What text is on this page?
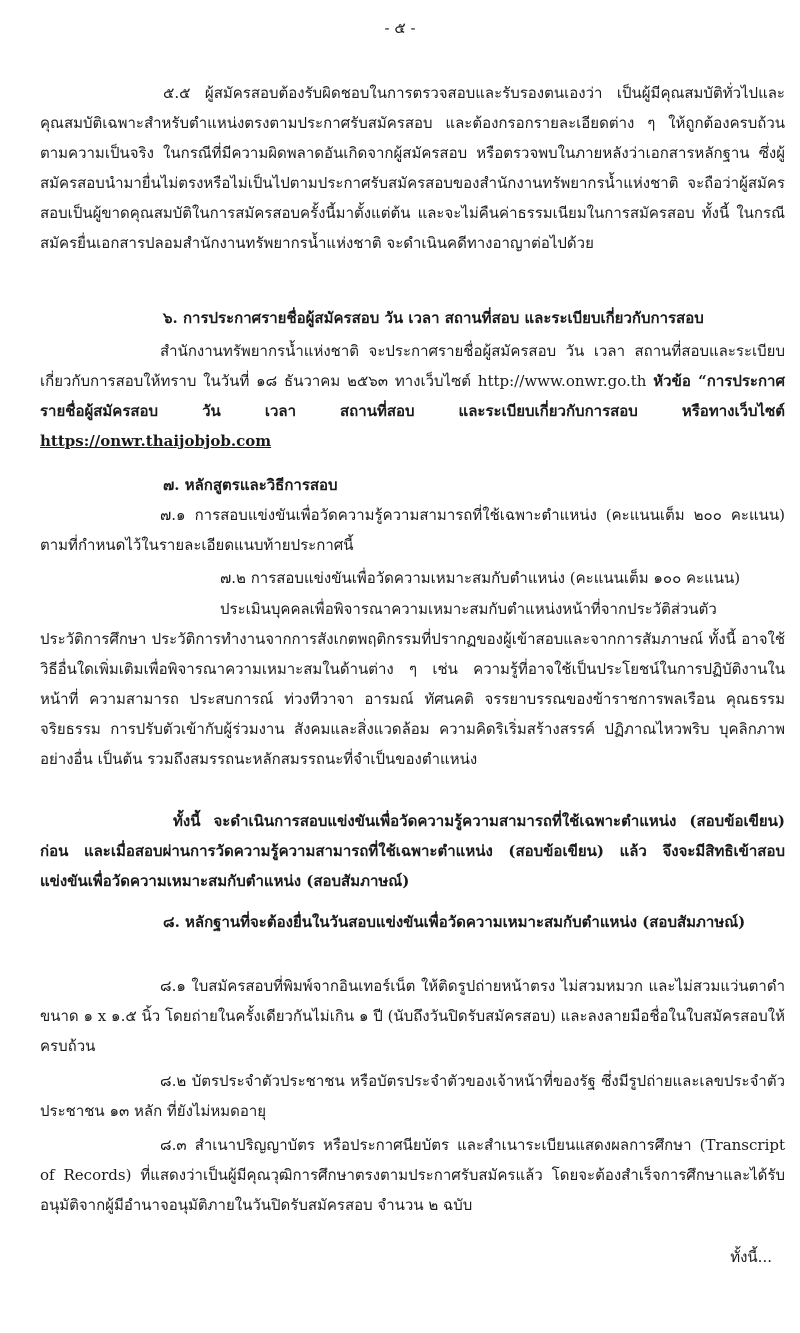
- ๕ -
๕.๕ ผู้สมัครสอบต้องรับผิดชอบในการตรวจสอบและรับรองตนเองว่า เป็นผู้มีคุณสมบัติทั่วไปและคุณสมบัติเฉพาะสำหรับตำแหน่งตรงตามประกาศรับสมัครสอบ และต้องกรอกรายละเอียดต่าง ๆ ให้ถูกต้องครบถ้วน ตามความเป็นจริง ในกรณีที่มีความผิดพลาดอันเกิดจากผู้สมัครสอบ หรือตรวจพบในภายหลังว่าเอกสารหลักฐาน ซึ่งผู้สมัครสอบนำมายื่นไม่ตรงหรือไม่เป็นไปตามประกาศรับสมัครสอบของสำนักงานทรัพยากรน้ำแห่งชาติ จะถือว่าผู้สมัครสอบเป็นผู้ขาดคุณสมบัติในการสมัครสอบครั้งนี้มาตั้งแต่ต้น และจะไม่คืนค่าธรรมเนียมในการสมัครสอบ ทั้งนี้ ในกรณีสมัครยื่นเอกสารปลอมสำนักงานทรัพยากรน้ำแห่งชาติ จะดำเนินคดีทางอาญาต่อไปด้วย
๖. การประกาศรายชื่อผู้สมัครสอบ วัน เวลา สถานที่สอบ และระเบียบเกี่ยวกับการสอบ
สำนักงานทรัพยากรน้ำแห่งชาติ จะประกาศรายชื่อผู้สมัครสอบ วัน เวลา สถานที่สอบและระเบียบเกี่ยวกับการสอบให้ทราบ ในวันที่ ๑๘ ธันวาคม ๒๕๖๓ ทางเว็บไซต์ http://www.onwr.go.th หัวข้อ “การประกาศรายชื่อผู้สมัครสอบ วัน เวลา สถานที่สอบ และระเบียบเกี่ยวกับการสอบ หรือทางเว็บไซต์ https://onwr.thaijobjob.com
๗. หลักสูตรและวิธีการสอบ
๗.๑ การสอบแข่งขันเพื่อวัดความรู้ความสามารถที่ใช้เฉพาะตำแหน่ง (คะแนนเต็ม ๒๐๐ คะแนน) ตามที่กำหนดไว้ในรายละเอียดแนบท้ายประกาศนี้
๗.๒ การสอบแข่งขันเพื่อวัดความเหมาะสมกับตำแหน่ง (คะแนนเต็ม ๑๐๐ คะแนน)
ประเมินบุคคลเพื่อพิจารณาความเหมาะสมกับตำแหน่งหน้าที่จากประวัติส่วนตัว ประวัติการศึกษา ประวัติการทำงานจากการสังเกตพฤติกรรมที่ปรากฏของผู้เข้าสอบและจากการสัมภาษณ์ ทั้งนี้ อาจใช้วิธีอื่นใดเพิ่มเติมเพื่อพิจารณาความเหมาะสมในด้านต่าง ๆ เช่น ความรู้ที่อาจใช้เป็นประโยชน์ในการปฏิบัติงานในหน้าที่ ความสามารถ ประสบการณ์ ท่วงทีวาจา อารมณ์ ทัศนคติ จรรยาบรรณของข้าราชการพลเรือน คุณธรรม จริยธรรม การปรับตัวเข้ากับผู้ร่วมงาน สังคมและสิ่งแวดล้อม ความคิดริเริ่มสร้างสรรค์ ปฏิภาณไหวพริบ บุคลิกภาพ อย่างอื่น เป็นต้น รวมถึงสมรรถนะหลักสมรรถนะที่จำเป็นของตำแหน่ง
ทั้งนี้ จะดำเนินการสอบแข่งขันเพื่อวัดความรู้ความสามารถที่ใช้เฉพาะตำแหน่ง (สอบข้อเขียน) ก่อน และเมื่อสอบผ่านการวัดความรู้ความสามารถที่ใช้เฉพาะตำแหน่ง (สอบข้อเขียน) แล้ว จึงจะมีสิทธิเข้าสอบแข่งขันเพื่อวัดความเหมาะสมกับตำแหน่ง (สอบสัมภาษณ์)
๘. หลักฐานที่จะต้องยื่นในวันสอบแข่งขันเพื่อวัดความเหมาะสมกับตำแหน่ง (สอบสัมภาษณ์)
๘.๑ ใบสมัครสอบที่พิมพ์จากอินเทอร์เน็ต ให้ติดรูปถ่ายหน้าตรง ไม่สวมหมวก และไม่สวมแว่นตาดำ ขนาด ๑ x ๑.๕ นิ้ว โดยถ่ายในครั้งเดียวกันไม่เกิน ๑ ปี (นับถึงวันปิดรับสมัครสอบ) และลงลายมือชื่อในใบสมัครสอบให้ครบถ้วน
๘.๒ บัตรประจำตัวประชาชน หรือบัตรประจำตัวของเจ้าหน้าที่ของรัฐ ซึ่งมีรูปถ่ายและเลขประจำตัวประชาชน ๑๓ หลัก ที่ยังไม่หมดอายุ
๘.๓ สำเนาปริญญาบัตร หรือประกาศนียบัตร และสำเนาระเบียนแสดงผลการศึกษา (Transcript of Records) ที่แสดงว่าเป็นผู้มีคุณวุฒิการศึกษาตรงตามประกาศรับสมัครแล้ว โดยจะต้องสำเร็จการศึกษาและได้รับอนุมัติจากผู้มีอำนาจอนุมัติภายในวันปิดรับสมัครสอบ จำนวน ๒ ฉบับ
ทั้งนี้...
